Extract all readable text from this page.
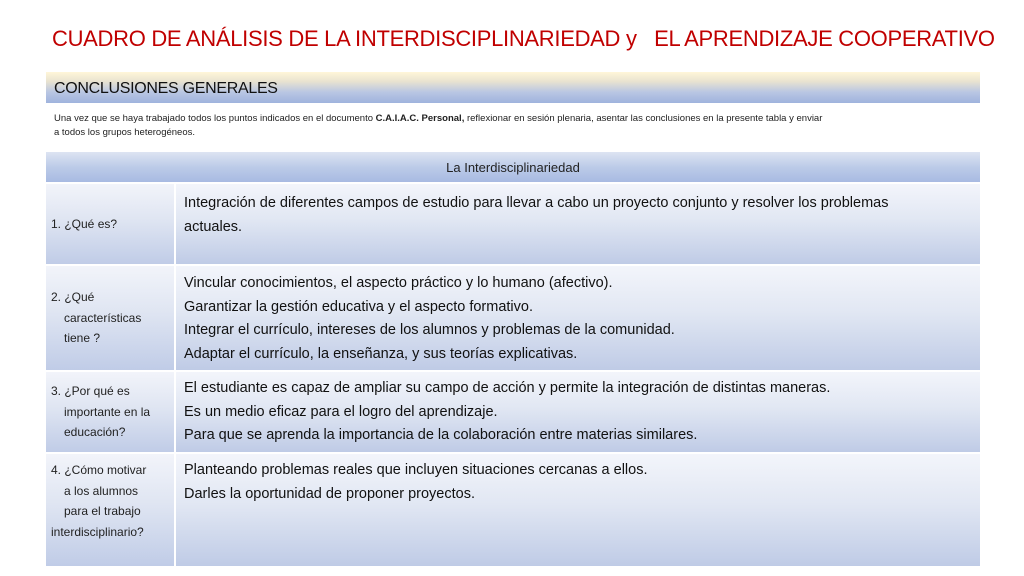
CUADRO DE ANÁLISIS DE LA INTERDISCIPLINARIEDAD y   EL APRENDIZAJE COOPERATIVO
CONCLUSIONES GENERALES
Una vez que se haya trabajado todos los puntos indicados en el documento C.A.I.A.C. Personal, reflexionar en sesión plenaria, asentar las conclusiones en la presente tabla y enviar a todos los grupos heterogéneos.
La Interdisciplinariedad
1. ¿Qué es?
Integración de diferentes campos de estudio para llevar a cabo un proyecto conjunto y resolver los problemas
actuales.
2. ¿Qué
características
tiene ?
Vincular conocimientos, el aspecto práctico y lo humano (afectivo).
Garantizar la gestión educativa y el aspecto formativo.
Integrar el currículo, intereses de los alumnos y problemas de la comunidad.
Adaptar el currículo, la enseñanza, y sus teorías explicativas.
3. ¿Por qué es
importante en la
educación?
El estudiante es capaz de ampliar su campo de acción y permite la integración de distintas maneras.
Es un medio eficaz para el logro del aprendizaje.
Para que se aprenda la importancia de la colaboración entre materias similares.
4. ¿Cómo motivar
a los alumnos
para el trabajo
interdisciplinario?
Planteando problemas reales que incluyen situaciones cercanas a ellos.
Darles la oportunidad de proponer proyectos.
